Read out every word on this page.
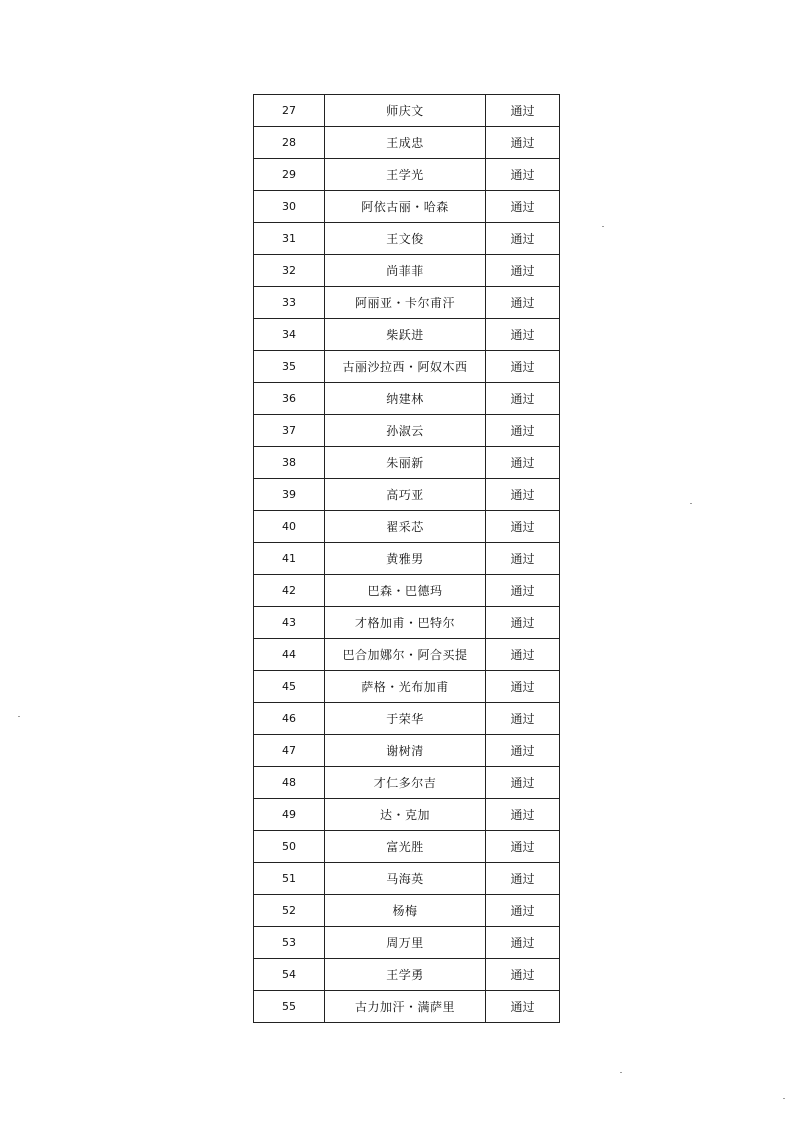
27	师庆文	通过
28	王成忠	通过
29	王学光	通过
30	阿依古丽・哈森	通过
31	王文俊	通过
32	尚菲菲	通过
33	阿丽亚・卡尔甫汗	通过
34	柴跃进	通过
35	古丽沙拉西・阿奴木西	通过
36	纳建林	通过
37	孙淑云	通过
38	朱丽新	通过
39	高巧亚	通过
40	翟采芯	通过
41	黄雅男	通过
42	巴森・巴德玛	通过
43	才格加甫・巴特尔	通过
44	巴合加娜尔・阿合买提	通过
45	萨格・光布加甫	通过
46	于荣华	通过
47	谢树清	通过
48	才仁多尔吉	通过
49	达・克加	通过
50	富光胜	通过
51	马海英	通过
52	杨梅	通过
53	周万里	通过
54	王学勇	通过
55	古力加汗・满萨里	通过
